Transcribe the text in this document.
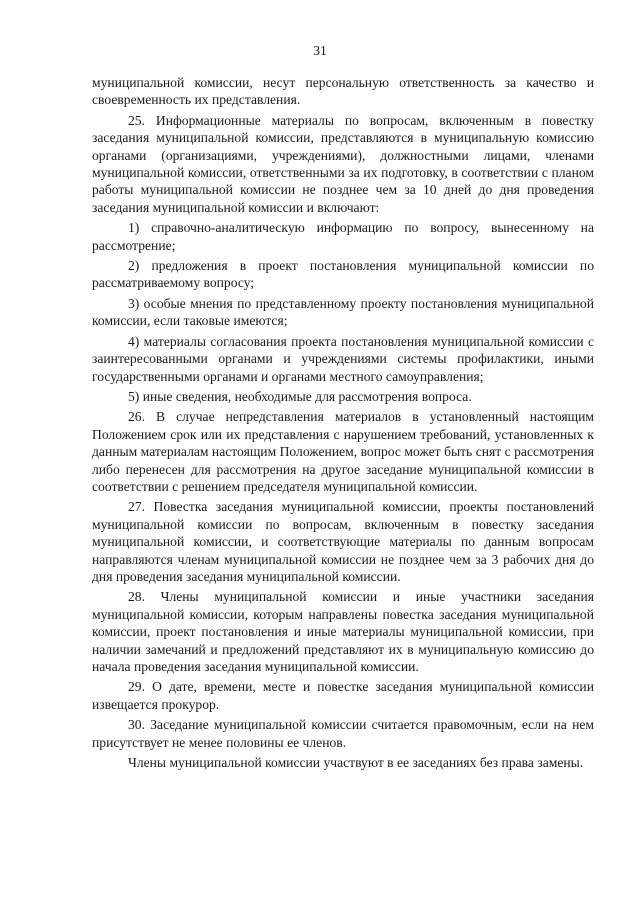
31

муниципальной комиссии, несут персональную ответственность за качество и своевременность их представления.

25. Информационные материалы по вопросам, включенным в повестку заседания муниципальной комиссии, представляются в муниципальную комиссию органами (организациями, учреждениями), должностными лицами, членами муниципальной комиссии, ответственными за их подготовку, в соответствии с планом работы муниципальной комиссии не позднее чем за 10 дней до дня проведения заседания муниципальной комиссии и включают:

1) справочно-аналитическую информацию по вопросу, вынесенному на рассмотрение;

2) предложения в проект постановления муниципальной комиссии по рассматриваемому вопросу;

3) особые мнения по представленному проекту постановления муниципальной комиссии, если таковые имеются;

4) материалы согласования проекта постановления муниципальной комиссии с заинтересованными органами и учреждениями системы профилактики, иными государственными органами и органами местного самоуправления;

5) иные сведения, необходимые для рассмотрения вопроса.

26. В случае непредставления материалов в установленный настоящим Положением срок или их представления с нарушением требований, установленных к данным материалам настоящим Положением, вопрос может быть снят с рассмотрения либо перенесен для рассмотрения на другое заседание муниципальной комиссии в соответствии с решением председателя муниципальной комиссии.

27. Повестка заседания муниципальной комиссии, проекты постановлений муниципальной комиссии по вопросам, включенным в повестку заседания муниципальной комиссии, и соответствующие материалы по данным вопросам направляются членам муниципальной комиссии не позднее чем за 3 рабочих дня до дня проведения заседания муниципальной комиссии.

28. Члены муниципальной комиссии и иные участники заседания муниципальной комиссии, которым направлены повестка заседания муниципальной комиссии, проект постановления и иные материалы муниципальной комиссии, при наличии замечаний и предложений представляют их в муниципальную комиссию до начала проведения заседания муниципальной комиссии.

29. О дате, времени, месте и повестке заседания муниципальной комиссии извещается прокурор.

30. Заседание муниципальной комиссии считается правомочным, если на нем присутствует не менее половины ее членов.

Члены муниципальной комиссии участвуют в ее заседаниях без права замены.
